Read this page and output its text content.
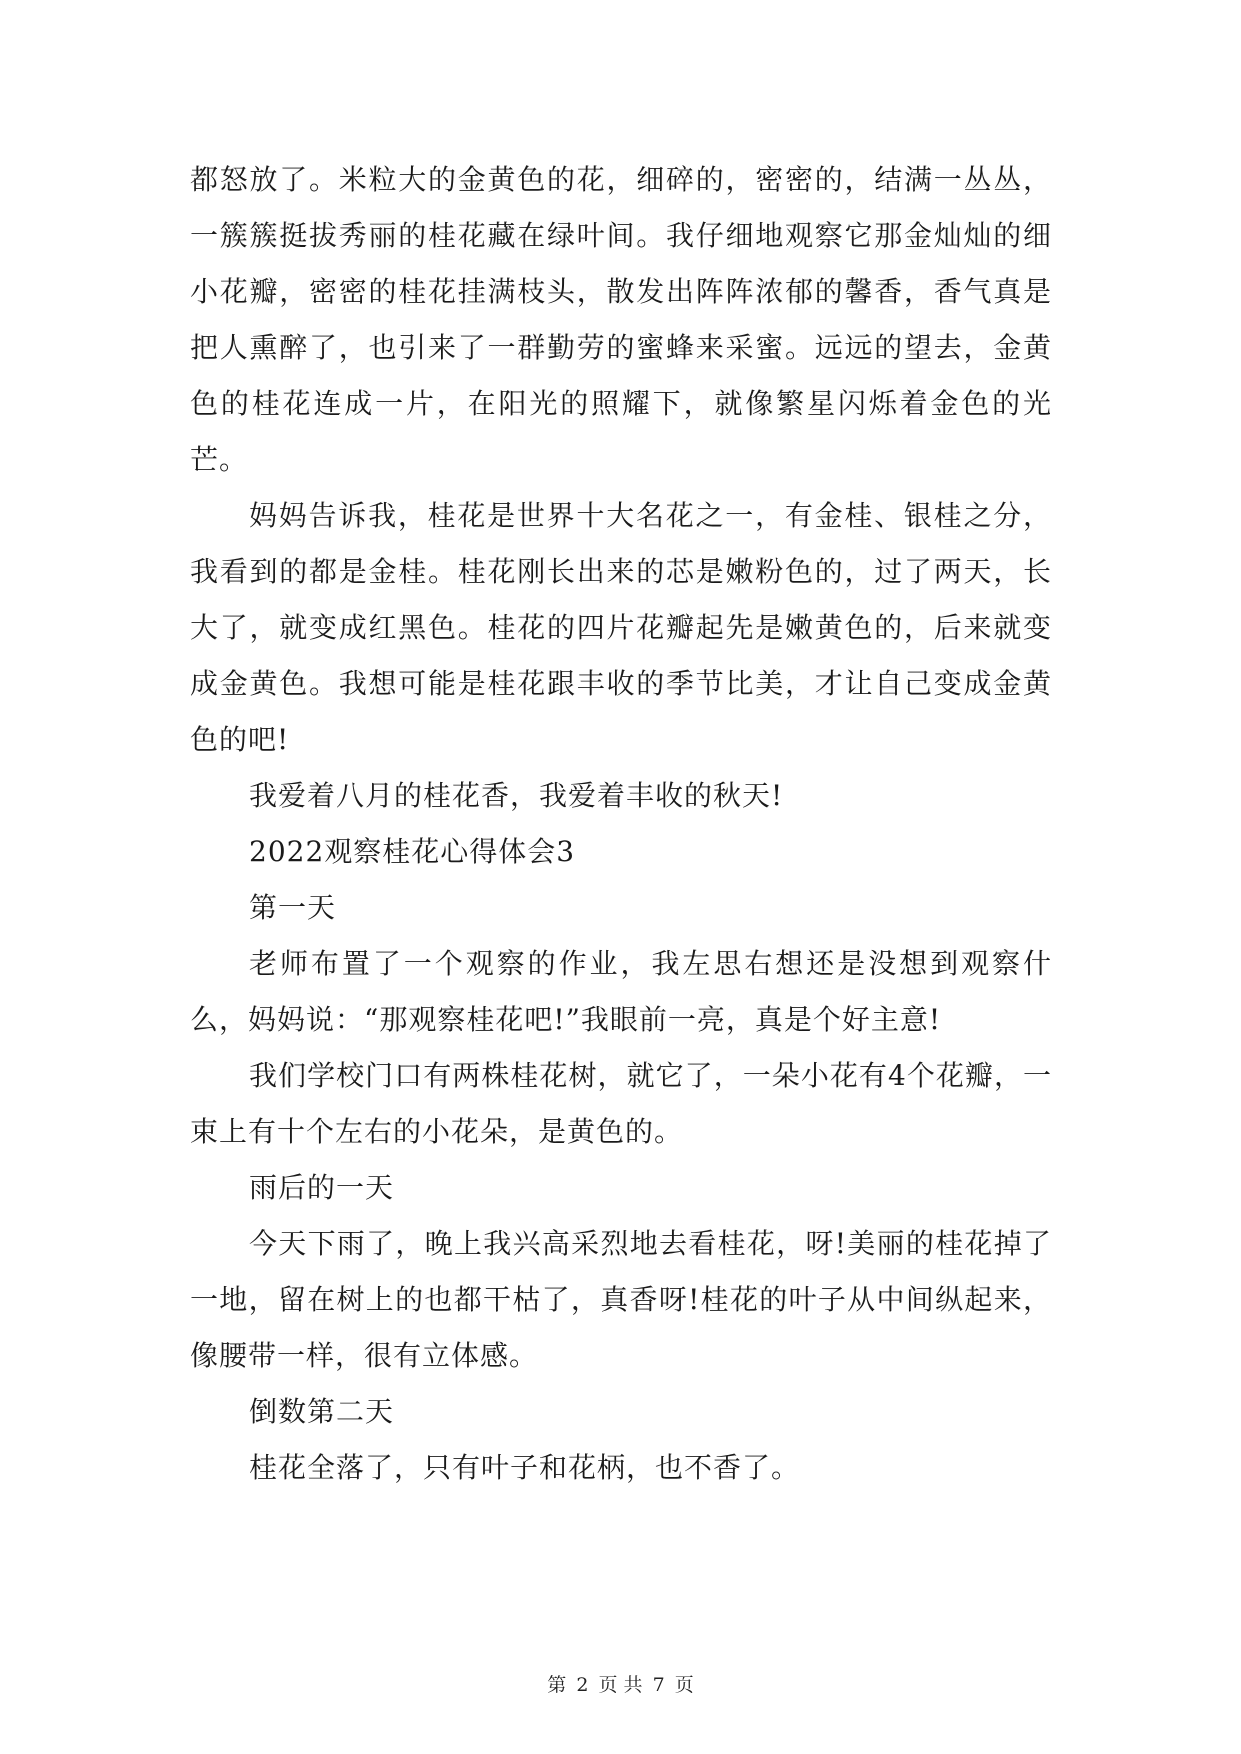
都怒放了。米粒大的金黄色的花，细碎的，密密的，结满一丛丛，一簇簇挺拔秀丽的桂花藏在绿叶间。我仔细地观察它那金灿灿的细小花瓣，密密的桂花挂满枝头，散发出阵阵浓郁的馨香，香气真是把人熏醉了，也引来了一群勤劳的蜜蜂来采蜜。远远的望去，金黄色的桂花连成一片，在阳光的照耀下，就像繁星闪烁着金色的光芒。

妈妈告诉我，桂花是世界十大名花之一，有金桂、银桂之分，我看到的都是金桂。桂花刚长出来的芯是嫩粉色的，过了两天，长大了，就变成红黑色。桂花的四片花瓣起先是嫩黄色的，后来就变成金黄色。我想可能是桂花跟丰收的季节比美，才让自己变成金黄色的吧!

我爱着八月的桂花香，我爱着丰收的秋天!

2022观察桂花心得体会3

第一天

老师布置了一个观察的作业，我左思右想还是没想到观察什么，妈妈说：“那观察桂花吧!”我眼前一亮，真是个好主意!

我们学校门口有两株桂花树，就它了，一朵小花有4个花瓣，一束上有十个左右的小花朵，是黄色的。

雨后的一天

今天下雨了，晚上我兴高采烈地去看桂花，呀!美丽的桂花掉了一地，留在树上的也都干枯了，真香呀!桂花的叶子从中间纵起来，像腰带一样，很有立体感。

倒数第二天

桂花全落了，只有叶子和花柄，也不香了。

第 2 页 共 7 页
